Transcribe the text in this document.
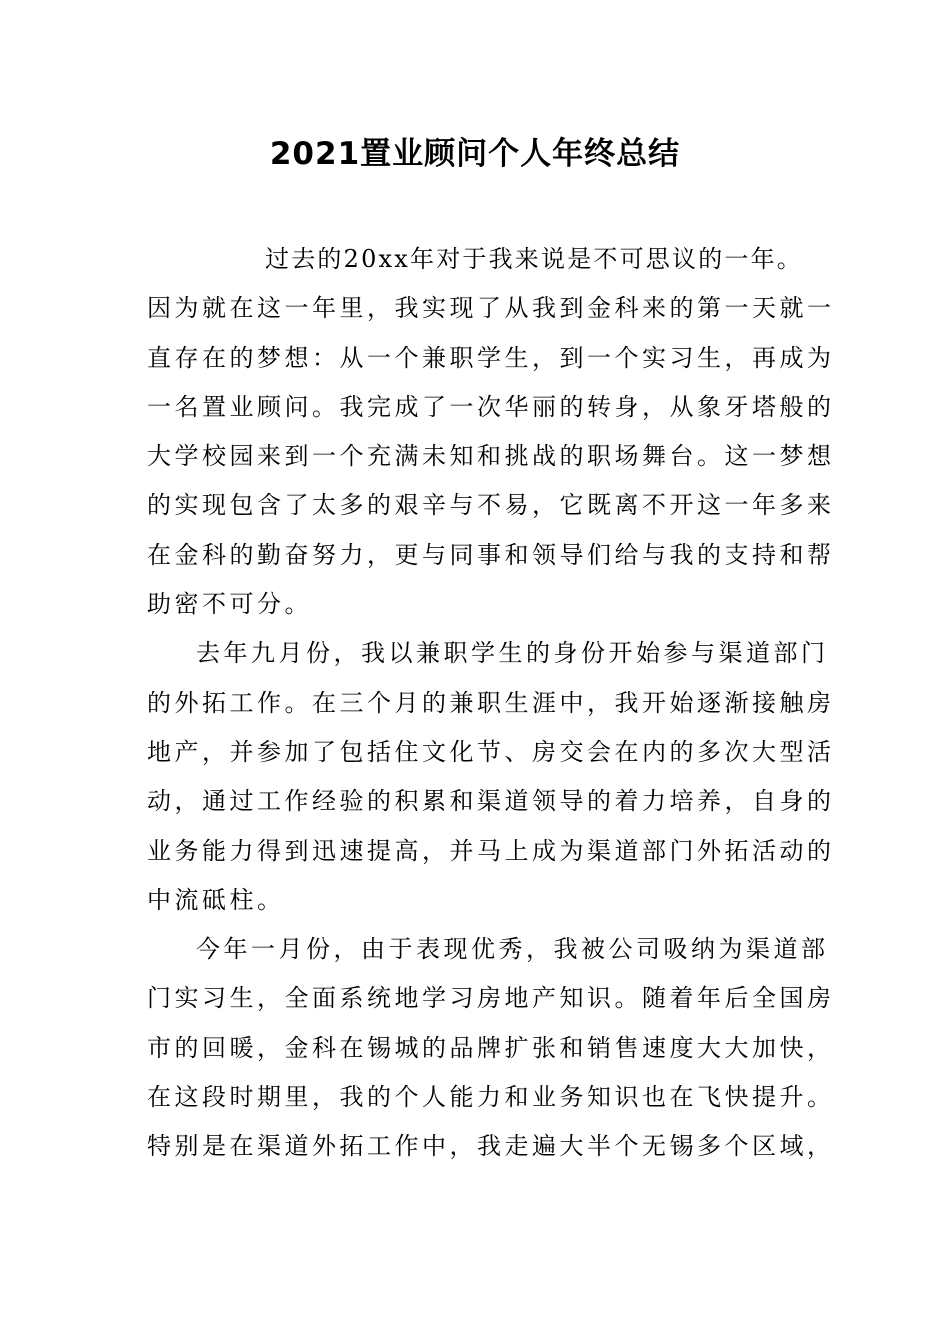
2021置业顾问个人年终总结
过去的20xx年对于我来说是不可思议的一年。
因为就在这一年里，我实现了从我到金科来的第一天就一
直存在的梦想：从一个兼职学生，到一个实习生，再成为
一名置业顾问。我完成了一次华丽的转身，从象牙塔般的
大学校园来到一个充满未知和挑战的职场舞台。这一梦想
的实现包含了太多的艰辛与不易，它既离不开这一年多来
在金科的勤奋努力，更与同事和领导们给与我的支持和帮
助密不可分。
去年九月份，我以兼职学生的身份开始参与渠道部门
的外拓工作。在三个月的兼职生涯中，我开始逐渐接触房
地产，并参加了包括住文化节、房交会在内的多次大型活
动，通过工作经验的积累和渠道领导的着力培养，自身的
业务能力得到迅速提高，并马上成为渠道部门外拓活动的
中流砥柱。
今年一月份，由于表现优秀，我被公司吸纳为渠道部
门实习生，全面系统地学习房地产知识。随着年后全国房
市的回暖，金科在锡城的品牌扩张和销售速度大大加快，
在这段时期里，我的个人能力和业务知识也在飞快提升。
特别是在渠道外拓工作中，我走遍大半个无锡多个区域，
